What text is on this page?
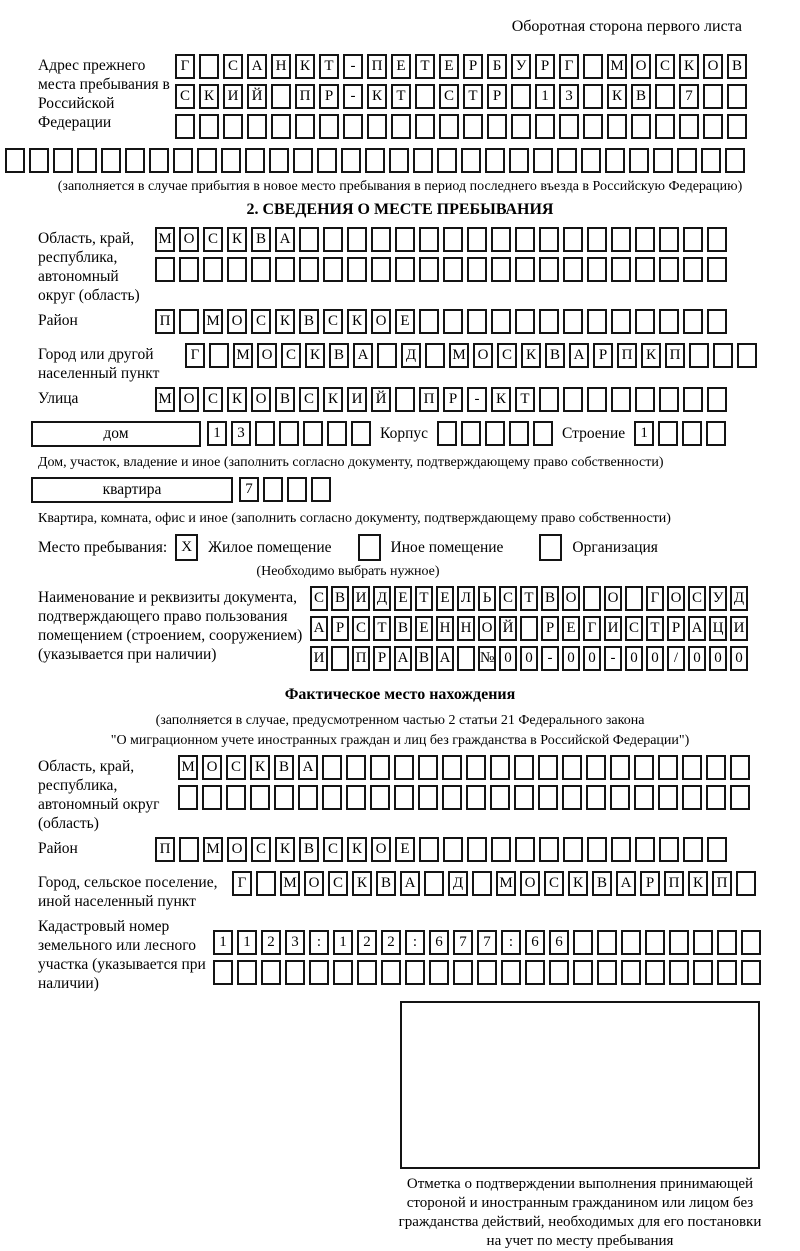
Оборотная сторона первого листа
Адрес прежнего места пребывания в Российской Федерации
Г	С А Н К Т	-	П Е Т Е	Р	Б У Р	Г	М О С К О В
С К И Й	П Р	-	К Т	С Т	Р	1	3	К В	7
(заполняется в случае прибытия в новое место пребывания в период последнего въезда в Российскую Федерацию)
2. СВЕДЕНИЯ О МЕСТЕ ПРЕБЫВАНИЯ
Область, край, республика, автономный округ (область)
М О С К В А
Район	П	М О С К В С К О Е
Город или другой населенный пункт
Г	М О С К В А	Д	М О С К В А Р П К П
Улица	М О С К О В С К И Й	П Р	-	К Т
дом	1	3	Корпус	Строение	1
Дом, участок, владение и иное (заполнить согласно документу, подтверждающему право собственности)
квартира	7
Квартира, комната, офис и иное (заполнить согласно документу, подтверждающему право собственности)
Место пребывания: X	Жилое помещение	Иное помещение	Организация
(Необходимо выбрать нужное)
Наименование и реквизиты документа, подтверждающего право пользования помещением (строением, сооружением) (указывается при наличии)
С В И Д Е Т Е Л Ь С Т В О О	Г О С У Д
А Р С Т В Е Н Н О Й	Р Е Г И С Т Р А Ц И
И П Р А В А № 0 0 - 0 0 - 0 0	/	0 0 0
Фактическое место нахождения
(заполняется в случае, предусмотренном частью 2 статьи 21 Федерального закона
"О миграционном учете иностранных граждан и лиц без гражданства в Российской Федерации")
Область, край, республика, автономный округ (область)
М О С К В А
Район	П	М О С К В С К О Е
Город, сельское поселение, иной населенный пункт
Г	М О С К В А	Д	М О С К В А Р П К П
Кадастровый номер земельного или лесного участка (указывается при наличии)
1	1	2	3	:	1	2	2	:	6	7	7	:	6	6
Отметка о подтверждении выполнения принимающей стороной и иностранным гражданином или лицом без гражданства действий, необходимых для его постановки на учет по месту пребывания
